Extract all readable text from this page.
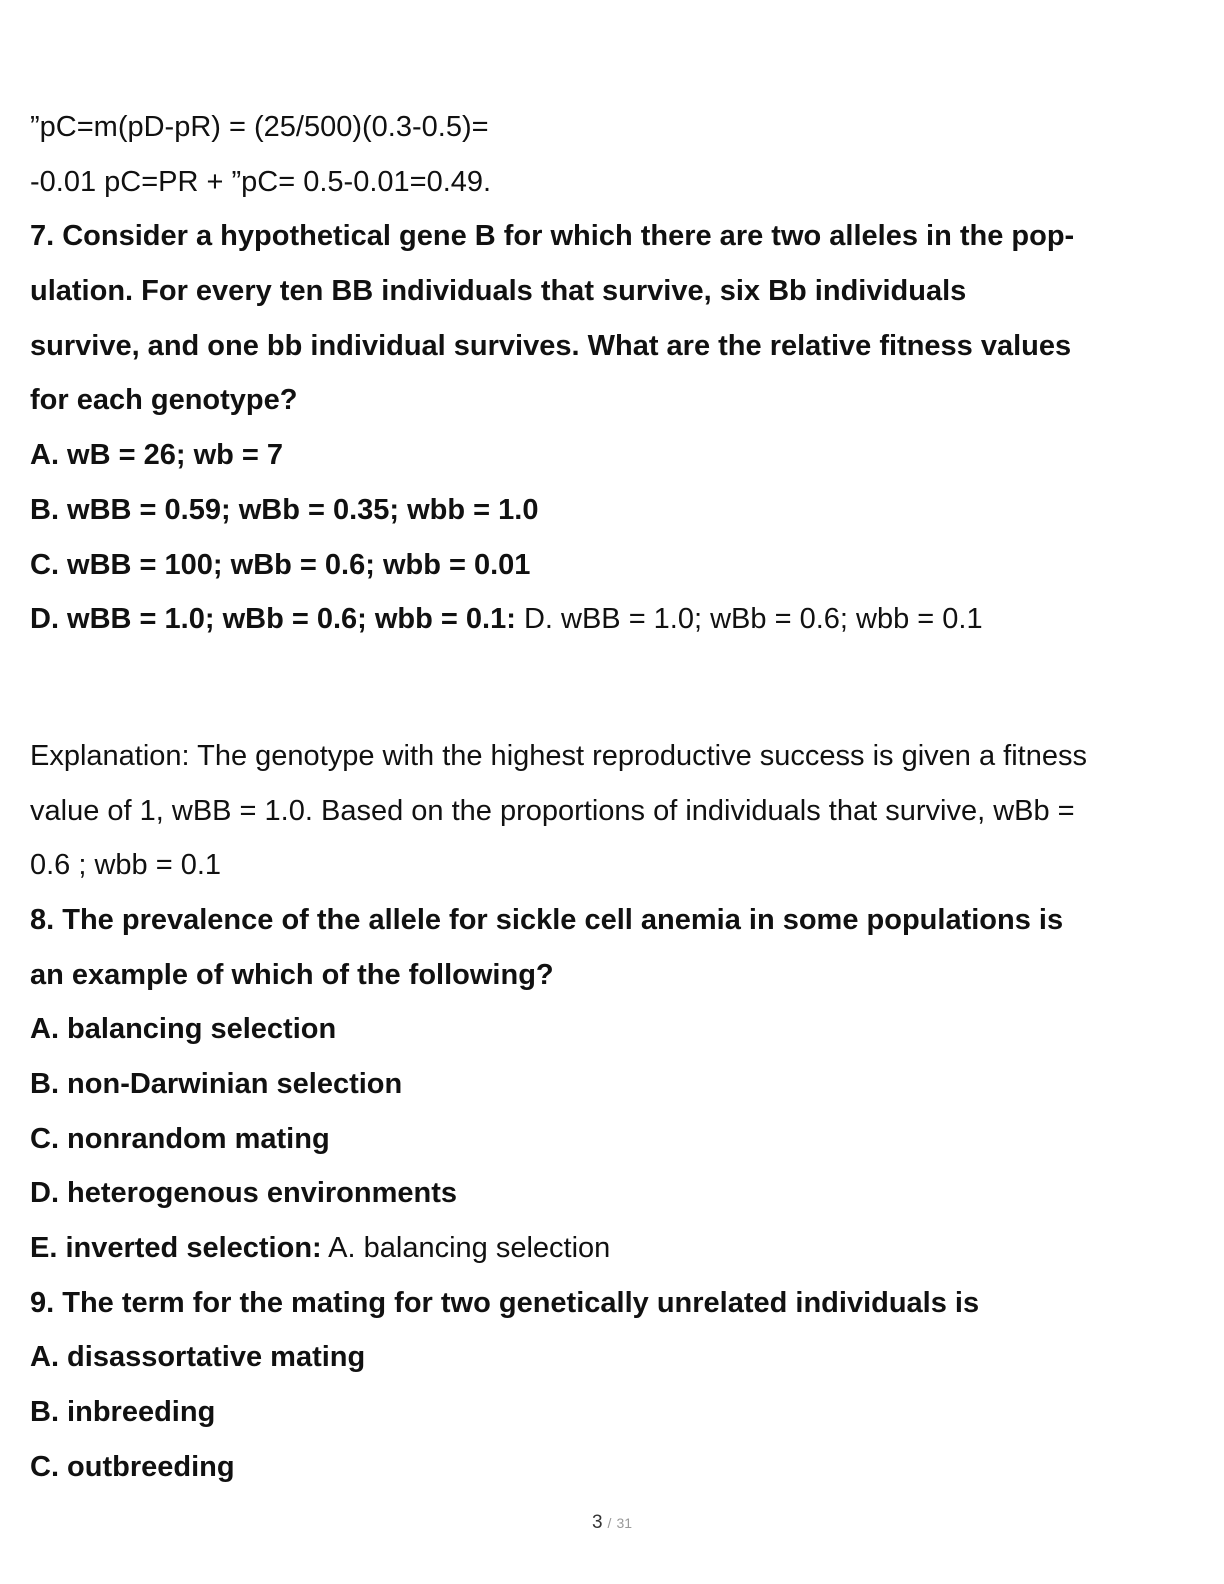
”pC=m(pD-pR) = (25/500)(0.3-0.5)=

-0.01 pC=PR + ”pC= 0.5-0.01=0.49.

7. Consider a hypothetical gene B for which there are two alleles in the pop-

ulation. For every ten BB individuals that survive, six Bb individuals

survive, and one bb individual survives. What are the relative fitness values

for each genotype?

A. wB = 26; wb = 7

B. wBB = 0.59; wBb = 0.35; wbb = 1.0

C. wBB = 100; wBb = 0.6; wbb = 0.01

D. wBB = 1.0; wBb = 0.6; wbb = 0.1: D. wBB = 1.0; wBb = 0.6; wbb = 0.1

Explanation: The genotype with the highest reproductive success is given a fitness

value of 1, wBB = 1.0. Based on the proportions of individuals that survive, wBb =

0.6 ; wbb = 0.1

8. The prevalence of the allele for sickle cell anemia in some populations is

an example of which of the following?

A. balancing selection

B. non-Darwinian selection

C. nonrandom mating

D. heterogenous environments

E. inverted selection: A. balancing selection

9. The term for the mating for two genetically unrelated individuals is

A. disassortative mating

B. inbreeding

C. outbreeding

3 / 31
